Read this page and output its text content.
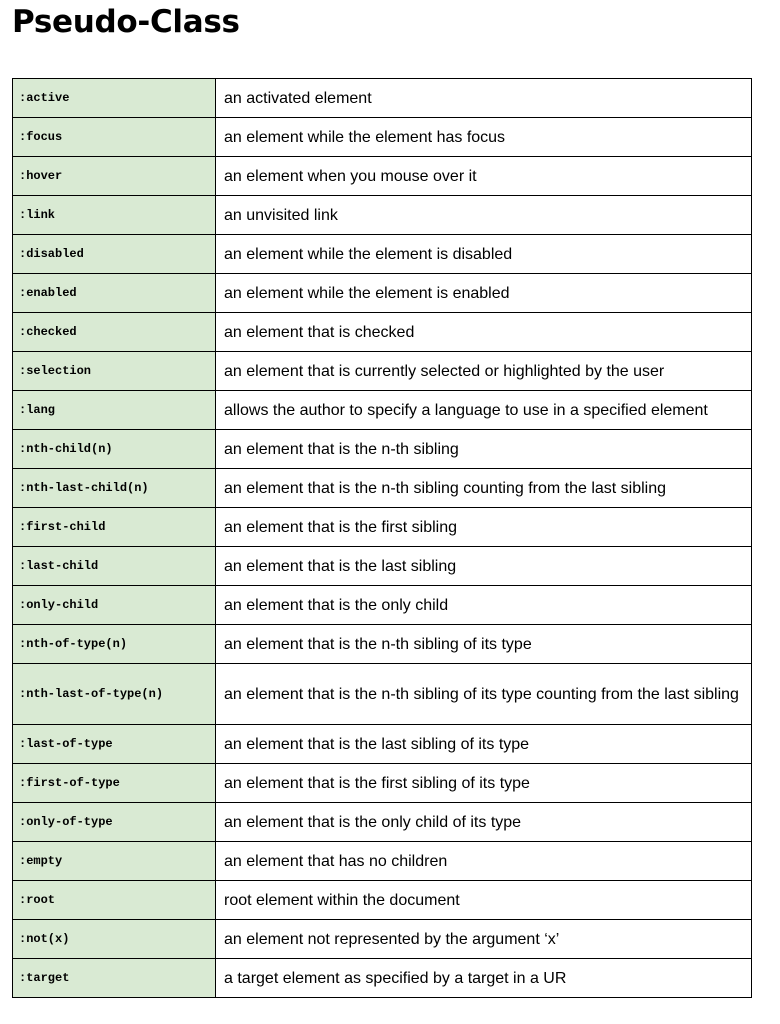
Pseudo-Class
:active	an activated element
:focus	an element while the element has focus
:hover	an element when you mouse over it
:link	an unvisited link
:disabled	an element while the element is disabled
:enabled	an element while the element is enabled
:checked	an element that is checked
:selection	an element that is currently selected or highlighted by the user
:lang	allows the author to specify a language to use in a specified element
:nth-child(n)	an element that is the n-th sibling
:nth-last-child(n)	an element that is the n-th sibling counting from the last sibling
:first-child	an element that is the first sibling
:last-child	an element that is the last sibling
:only-child	an element that is the only child
:nth-of-type(n)	an element that is the n-th sibling of its type
:nth-last-of-type(n)	an element that is the n-th sibling of its type counting from the last sibling
:last-of-type	an element that is the last sibling of its type
:first-of-type	an element that is the first sibling of its type
:only-of-type	an element that is the only child of its type
:empty	an element that has no children
:root	root element within the document
:not(x)	an element not represented by the argument ‘x’
:target	a target element as specified by a target in a UR
